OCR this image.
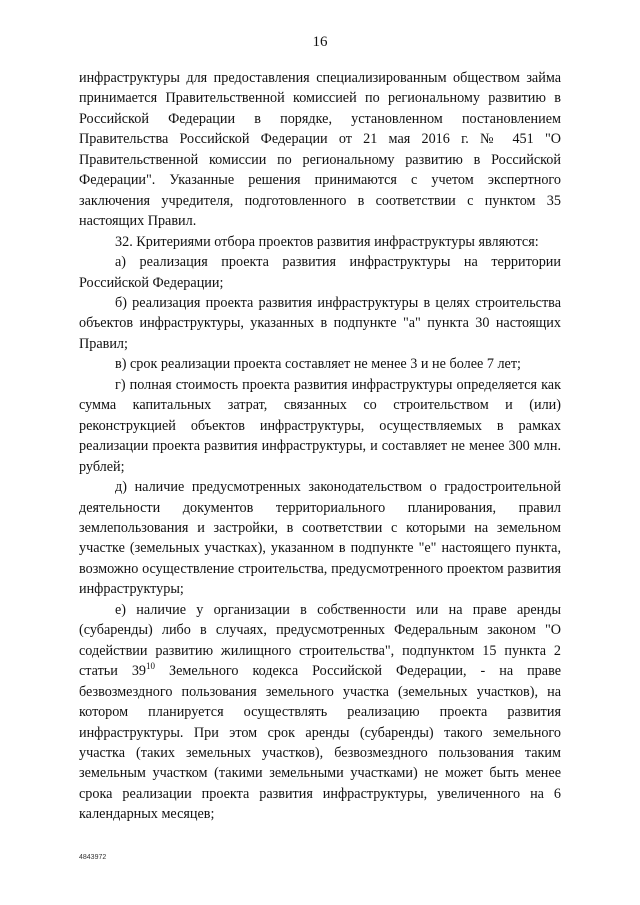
16

инфраструктуры для предоставления специализированным обществом займа принимается Правительственной комиссией по региональному развитию в Российской Федерации в порядке, установленном постановлением Правительства Российской Федерации от 21 мая 2016 г. № 451 "О Правительственной комиссии по региональному развитию в Российской Федерации". Указанные решения принимаются с учетом экспертного заключения учредителя, подготовленного в соответствии с пунктом 35 настоящих Правил.

32. Критериями отбора проектов развития инфраструктуры являются:

а) реализация проекта развития инфраструктуры на территории Российской Федерации;

б) реализация проекта развития инфраструктуры в целях строительства объектов инфраструктуры, указанных в подпункте "а" пункта 30 настоящих Правил;

в) срок реализации проекта составляет не менее 3 и не более 7 лет;

г) полная стоимость проекта развития инфраструктуры определяется как сумма капитальных затрат, связанных со строительством и (или) реконструкцией объектов инфраструктуры, осуществляемых в рамках реализации проекта развития инфраструктуры, и составляет не менее 300 млн. рублей;

д) наличие предусмотренных законодательством о градостроительной деятельности документов территориального планирования, правил землепользования и застройки, в соответствии с которыми на земельном участке (земельных участках), указанном в подпункте "е" настоящего пункта, возможно осуществление строительства, предусмотренного проектом развития инфраструктуры;

е) наличие у организации в собственности или на праве аренды (субаренды) либо в случаях, предусмотренных Федеральным законом "О содействии развитию жилищного строительства", подпунктом 15 пункта 2 статьи $39^{10}$ Земельного кодекса Российской Федерации, - на праве безвозмездного пользования земельного участка (земельных участков), на котором планируется осуществлять реализацию проекта развития инфраструктуры. При этом срок аренды (субаренды) такого земельного участка (таких земельных участков), безвозмездного пользования таким земельным участком (такими земельными участками) не может быть менее срока реализации проекта развития инфраструктуры, увеличенного на 6 календарных месяцев;

4843972
